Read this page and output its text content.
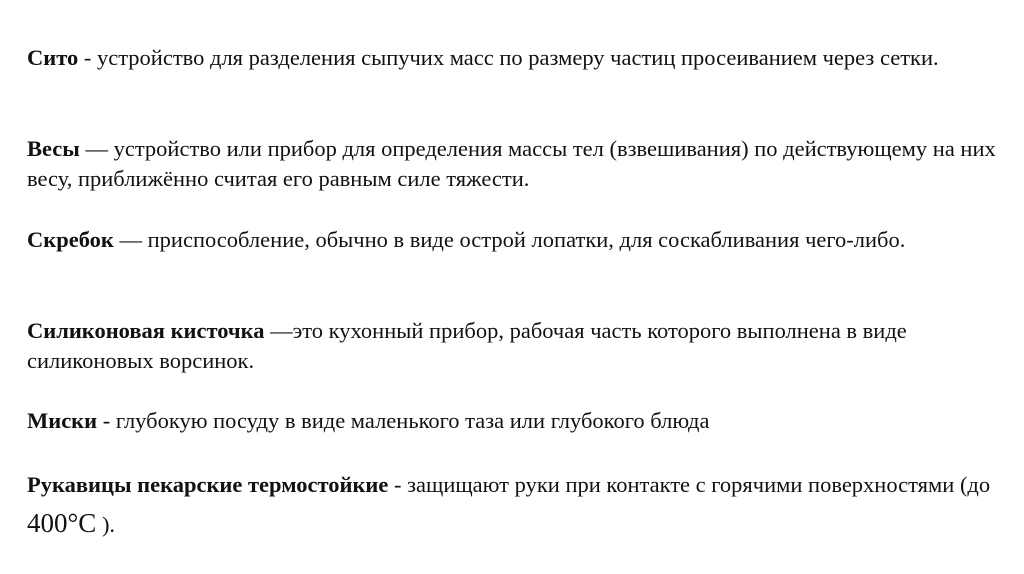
Сито - устройство для разделения сыпучих масс по размеру частиц просеиванием через сетки.

Весы — устройство или прибор для определения массы тел (взвешивания) по действующему на них весу, приближённо считая его равным силе тяжести.

Скребок — приспособление, обычно в виде острой лопатки, для соскабливания чего-либо.

Силиконовая кисточка —это кухонный прибор, рабочая часть которого выполнена в виде силиконовых ворсинок.

Миски - глубокую посуду в виде маленького таза или глубокого блюда

Рукавицы пекарские термостойкие - защищают руки при контакте с горячими поверхностями (до 400°С ).
